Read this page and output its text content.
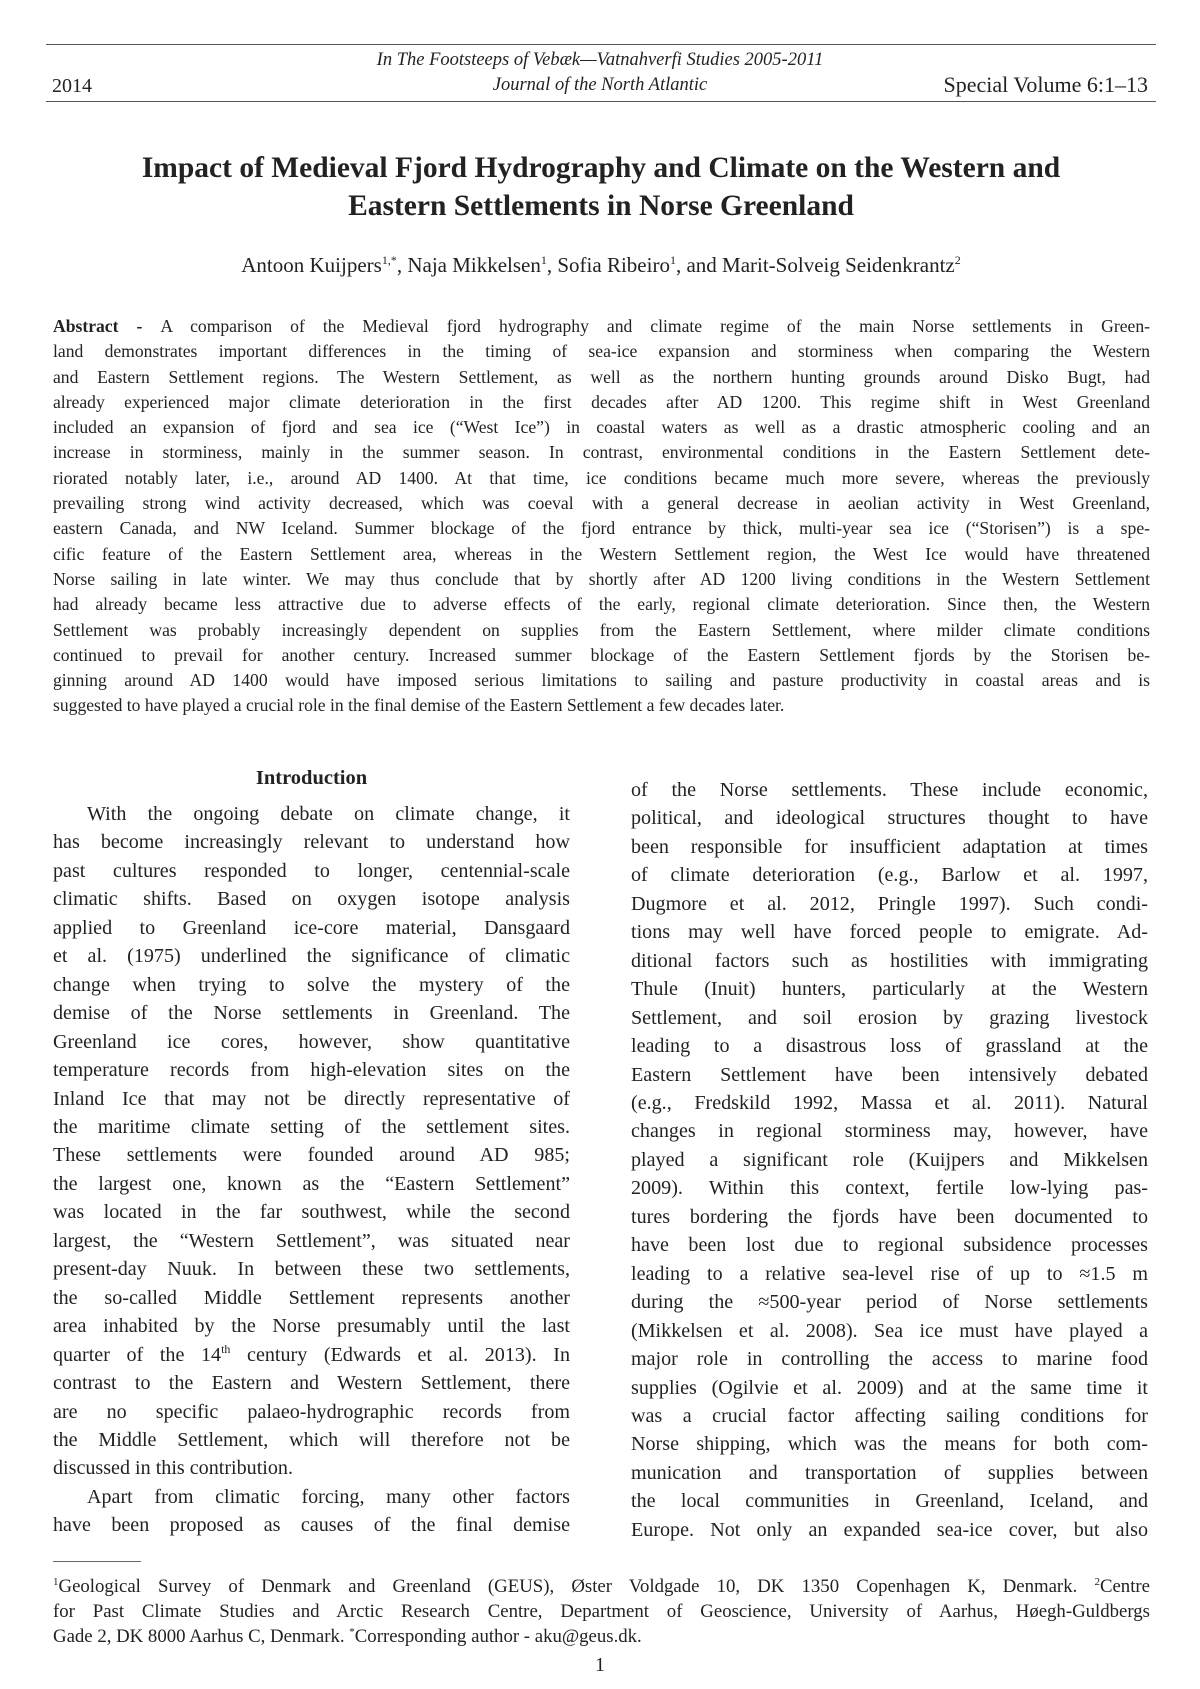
In The Footsteeps of Vebæk—Vatnahverfi Studies 2005-2011
Journal of the North Atlantic
2014	Special Volume 6:1–13
Impact of Medieval Fjord Hydrography and Climate on the Western and
Eastern Settlements in Norse Greenland
Antoon Kuijpers$^{1,*}$, Naja Mikkelsen$^1$, Sofia Ribeiro$^1$, and Marit-Solveig Seidenkrantz$^2$
Abstract - A comparison of the Medieval fjord hydrography and climate regime of the main Norse settlements in Green-
land demonstrates important differences in the timing of sea-ice expansion and storminess when comparing the Western
and Eastern Settlement regions. The Western Settlement, as well as the northern hunting grounds around Disko Bugt, had
already experienced major climate deterioration in the first decades after AD 1200. This regime shift in West Greenland
included an expansion of fjord and sea ice (“West Ice”) in coastal waters as well as a drastic atmospheric cooling and an
increase in storminess, mainly in the summer season. In contrast, environmental conditions in the Eastern Settlement dete-
riorated notably later, i.e., around AD 1400. At that time, ice conditions became much more severe, whereas the previously
prevailing strong wind activity decreased, which was coeval with a general decrease in aeolian activity in West Greenland,
eastern Canada, and NW Iceland. Summer blockage of the fjord entrance by thick, multi-year sea ice (“Storisen”) is a spe-
cific feature of the Eastern Settlement area, whereas in the Western Settlement region, the West Ice would have threatened
Norse sailing in late winter. We may thus conclude that by shortly after AD 1200 living conditions in the Western Settlement
had already became less attractive due to adverse effects of the early, regional climate deterioration. Since then, the Western
Settlement was probably increasingly dependent on supplies from the Eastern Settlement, where milder climate conditions
continued to prevail for another century. Increased summer blockage of the Eastern Settlement fjords by the Storisen be-
ginning around AD 1400 would have imposed serious limitations to sailing and pasture productivity in coastal areas and is
suggested to have played a crucial role in the final demise of the Eastern Settlement a few decades later.
Introduction
With the ongoing debate on climate change, it
has become increasingly relevant to understand how
past cultures responded to longer, centennial-scale
climatic shifts. Based on oxygen isotope analysis
applied to Greenland ice-core material, Dansgaard
et al. (1975) underlined the significance of climatic
change when trying to solve the mystery of the
demise of the Norse settlements in Greenland. The
Greenland ice cores, however, show quantitative
temperature records from high-elevation sites on the
Inland Ice that may not be directly representative of
the maritime climate setting of the settlement sites.
These settlements were founded around AD 985;
the largest one, known as the “Eastern Settlement”
was located in the far southwest, while the second
largest, the “Western Settlement”, was situated near
present-day Nuuk. In between these two settlements,
the so-called Middle Settlement represents another
area inhabited by the Norse presumably until the last
quarter of the 14th century (Edwards et al. 2013). In
contrast to the Eastern and Western Settlement, there
are no specific palaeo-hydrographic records from
the Middle Settlement, which will therefore not be
discussed in this contribution.
Apart from climatic forcing, many other factors
have been proposed as causes of the final demise
of the Norse settlements. These include economic,
political, and ideological structures thought to have
been responsible for insufficient adaptation at times
of climate deterioration (e.g., Barlow et al. 1997,
Dugmore et al. 2012, Pringle 1997). Such condi-
tions may well have forced people to emigrate. Ad-
ditional factors such as hostilities with immigrating
Thule (Inuit) hunters, particularly at the Western
Settlement, and soil erosion by grazing livestock
leading to a disastrous loss of grassland at the
Eastern Settlement have been intensively debated
(e.g., Fredskild 1992, Massa et al. 2011). Natural
changes in regional storminess may, however, have
played a significant role (Kuijpers and Mikkelsen
2009). Within this context, fertile low-lying pas-
tures bordering the fjords have been documented to
have been lost due to regional subsidence processes
leading to a relative sea-level rise of up to ≈1.5 m
during the ≈500-year period of Norse settlements
(Mikkelsen et al. 2008). Sea ice must have played a
major role in controlling the access to marine food
supplies (Ogilvie et al. 2009) and at the same time it
was a crucial factor affecting sailing conditions for
Norse shipping, which was the means for both com-
munication and transportation of supplies between
the local communities in Greenland, Iceland, and
Europe. Not only an expanded sea-ice cover, but also
$^1$Geological Survey of Denmark and Greenland (GEUS), Øster Voldgade 10, DK 1350 Copenhagen K, Denmark. $^2$Centre
for Past Climate Studies and Arctic Research Centre, Department of Geoscience, University of Aarhus, Høegh-Guldbergs
Gade 2, DK 8000 Aarhus C, Denmark. *Corresponding author - aku@geus.dk.
1
